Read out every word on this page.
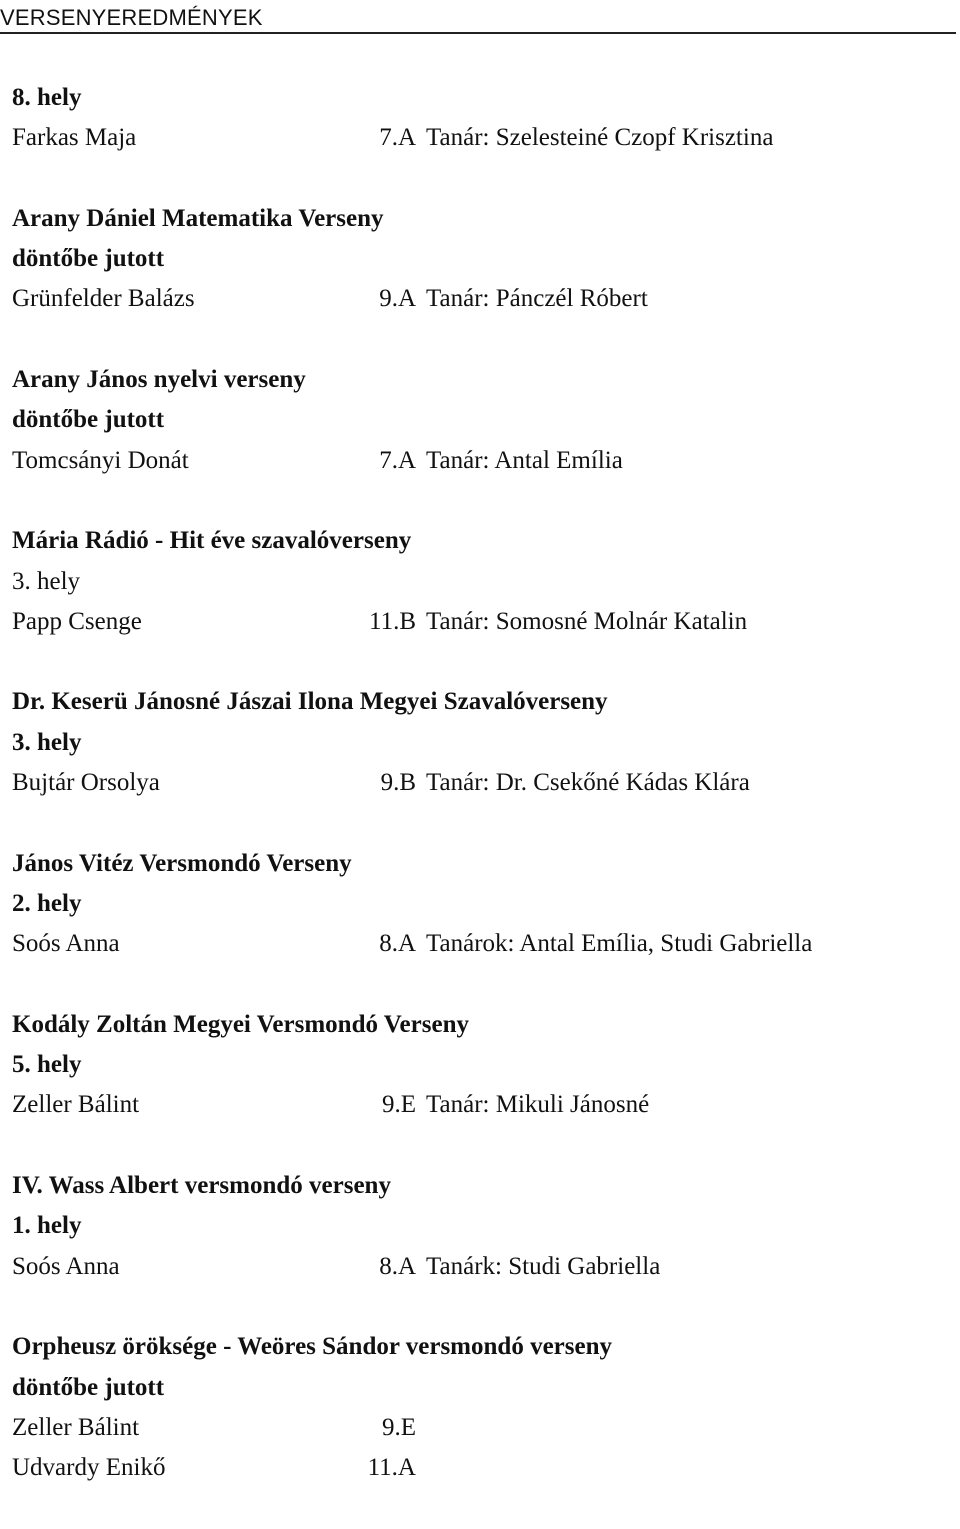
VERSENYEREDMÉNYEK
8. hely
Farkas Maja	7.A Tanár: Szelesteiné Czopf Krisztina
Arany Dániel Matematika Verseny
döntőbe jutott
Grünfelder Balázs	9.A Tanár: Pánczél Róbert
Arany János nyelvi verseny
döntőbe jutott
Tomcsányi Donát	7.A Tanár: Antal Emília
Mária Rádió - Hit éve szavalóverseny
3. hely
Papp Csenge	11.B Tanár: Somosné Molnár Katalin
Dr. Keserü Jánosné Jászai Ilona Megyei Szavalóverseny
3. hely
Bujtár Orsolya	9.B Tanár: Dr. Csekőné Kádas Klára
János Vitéz Versmondó Verseny
2. hely
Soós Anna	8.A Tanárok: Antal Emília, Studi Gabriella
Kodály Zoltán Megyei Versmondó Verseny
5. hely
Zeller Bálint	9.E Tanár: Mikuli Jánosné
IV. Wass Albert versmondó verseny
1. hely
Soós Anna	8.A Tanárk: Studi Gabriella
Orpheusz öröksége - Weöres Sándor versmondó verseny
döntőbe jutott
Zeller Bálint	9.E
Udvardy Enikő	11.A
